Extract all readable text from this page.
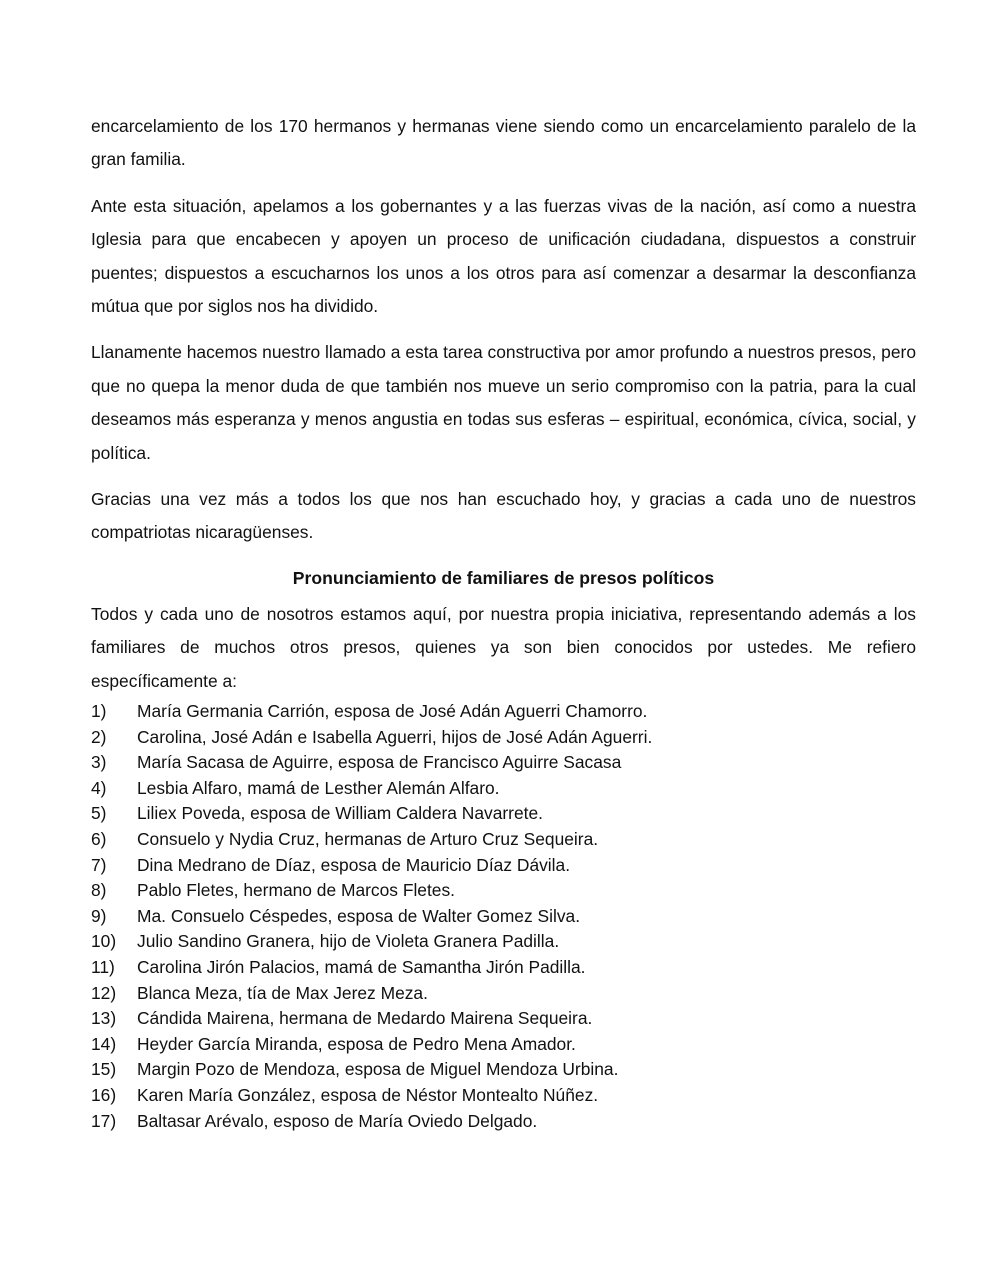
encarcelamiento de los 170 hermanos y hermanas viene siendo como un encarcelamiento paralelo de la gran familia.

Ante esta situación, apelamos a los gobernantes y a las fuerzas vivas de la nación, así como a nuestra Iglesia para que encabecen y apoyen un proceso de unificación ciudadana, dispuestos a construir puentes; dispuestos a escucharnos los unos a los otros para así comenzar a desarmar la desconfianza mútua que por siglos nos ha dividido.

Llanamente hacemos nuestro llamado a esta tarea constructiva por amor profundo a nuestros presos, pero que no quepa la menor duda de que también nos mueve un serio compromiso con la patria, para la cual deseamos más esperanza y menos angustia en todas sus esferas – espiritual, económica, cívica, social, y política.

Gracias una vez más a todos los que nos han escuchado hoy, y gracias a cada uno de nuestros compatriotas nicaragüenses.

Pronunciamiento de familiares de presos políticos

Todos y cada uno de nosotros estamos aquí, por nuestra propia iniciativa, representando además a los familiares de muchos otros presos, quienes ya son bien conocidos por ustedes. Me refiero específicamente a:

1)	María Germania Carrión, esposa de José Adán Aguerri Chamorro.
2)	Carolina, José Adán e Isabella Aguerri, hijos de José Adán Aguerri.
3)	María Sacasa de Aguirre, esposa de Francisco Aguirre Sacasa
4)	Lesbia Alfaro, mamá de Lesther Alemán Alfaro.
5)	Liliex Poveda, esposa de William Caldera Navarrete.
6)	Consuelo y Nydia Cruz, hermanas de Arturo Cruz Sequeira.
7)	Dina Medrano de Díaz, esposa de Mauricio Díaz Dávila.
8)	Pablo Fletes, hermano de Marcos Fletes.
9)	Ma. Consuelo Céspedes, esposa de Walter Gomez Silva.
10)	Julio Sandino Granera, hijo de Violeta Granera Padilla.
11)	Carolina Jirón Palacios, mamá de Samantha Jirón Padilla.
12)	Blanca Meza, tía de Max Jerez Meza.
13)	Cándida Mairena, hermana de Medardo Mairena Sequeira.
14)	Heyder García Miranda, esposa de Pedro Mena Amador.
15)	Margin Pozo de Mendoza, esposa de Miguel Mendoza Urbina.
16)	Karen María González, esposa de Néstor Montealto Núñez.
17)	Baltasar Arévalo, esposo de María Oviedo Delgado.
